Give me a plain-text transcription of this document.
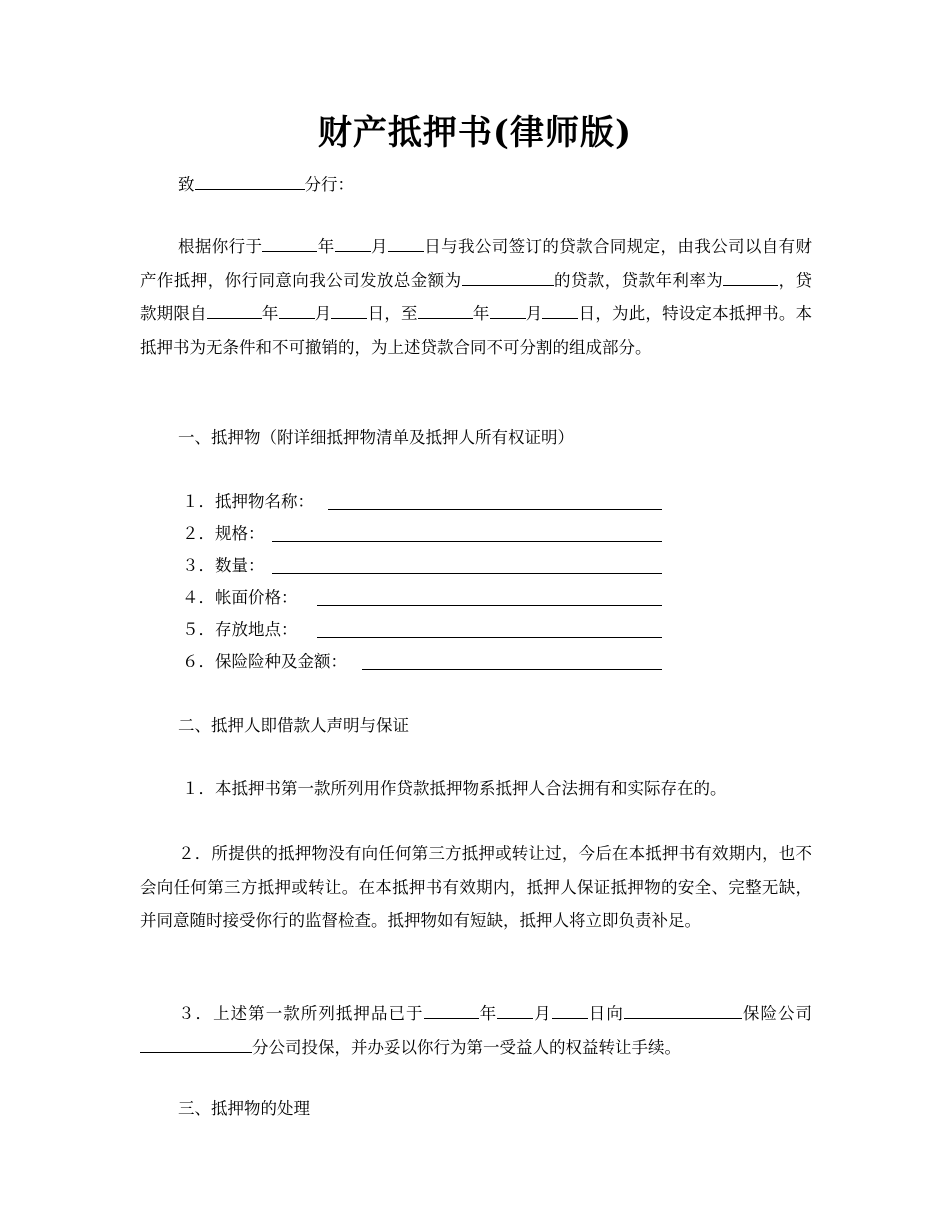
财产抵押书(律师版)
致	分行：
根据你行于	年 月 日与我公司签订的贷款合同规定，由我公司以自有财产作抵押，你行同意向我公司发放总金额为	的贷款，贷款年利率为	，贷款期限自	年 月 日，至	年 月 日，为此，特设定本抵押书。本抵押书为无条件和不可撤销的，为上述贷款合同不可分割的组成部分。
一、抵押物（附详细抵押物清单及抵押人所有权证明）
１．抵押物名称：
２．规格：
３．数量：
４．帐面价格：
５．存放地点：
６．保险险种及金额：
二、抵押人即借款人声明与保证
１．本抵押书第一款所列用作贷款抵押物系抵押人合法拥有和实际存在的。
２．所提供的抵押物没有向任何第三方抵押或转让过，今后在本抵押书有效期内，也不会向任何第三方抵押或转让。在本抵押书有效期内，抵押人保证抵押物的安全、完整无缺，并同意随时接受你行的监督检查。抵押物如有短缺，抵押人将立即负责补足。
３．上述第一款所列抵押品已于	年 月 日向	保险公司分公司投保，并办妥以你行为第一受益人的权益转让手续。
三、抵押物的处理
